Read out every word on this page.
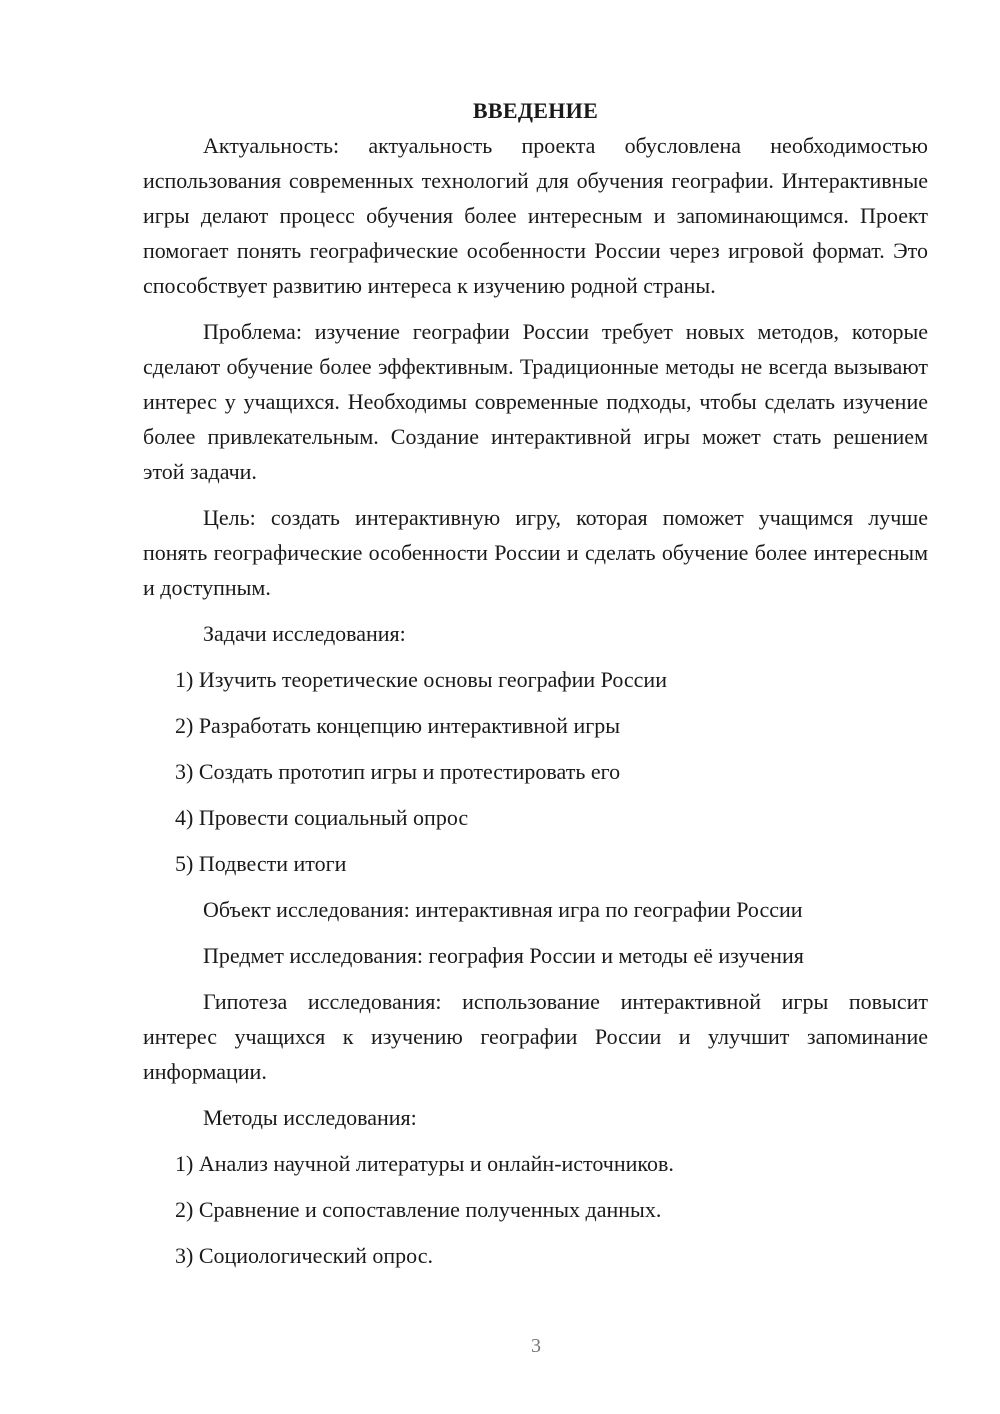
ВВЕДЕНИЕ

Актуальность: актуальность проекта обусловлена необходимостью использования современных технологий для обучения географии. Интерактивные игры делают процесс обучения более интересным и запоминающимся. Проект помогает понять географические особенности России через игровой формат. Это способствует развитию интереса к изучению родной страны.

Проблема: изучение географии России требует новых методов, которые сделают обучение более эффективным. Традиционные методы не всегда вызывают интерес у учащихся. Необходимы современные подходы, чтобы сделать изучение более привлекательным. Создание интерактивной игры может стать решением этой задачи.

Цель: создать интерактивную игру, которая поможет учащимся лучше понять географические особенности России и сделать обучение более интересным и доступным.

Задачи исследования:
1) Изучить теоретические основы географии России
2) Разработать концепцию интерактивной игры
3) Создать прототип игры и протестировать его
4) Провести социальный опрос
5) Подвести итоги
Объект исследования: интерактивная игра по географии России
Предмет исследования: география России и методы её изучения

Гипотеза исследования: использование интерактивной игры повысит интерес учащихся к изучению географии России и улучшит запоминание информации.

Методы исследования:
1) Анализ научной литературы и онлайн-источников.
2) Сравнение и сопоставление полученных данных.
3) Социологический опрос.
3
